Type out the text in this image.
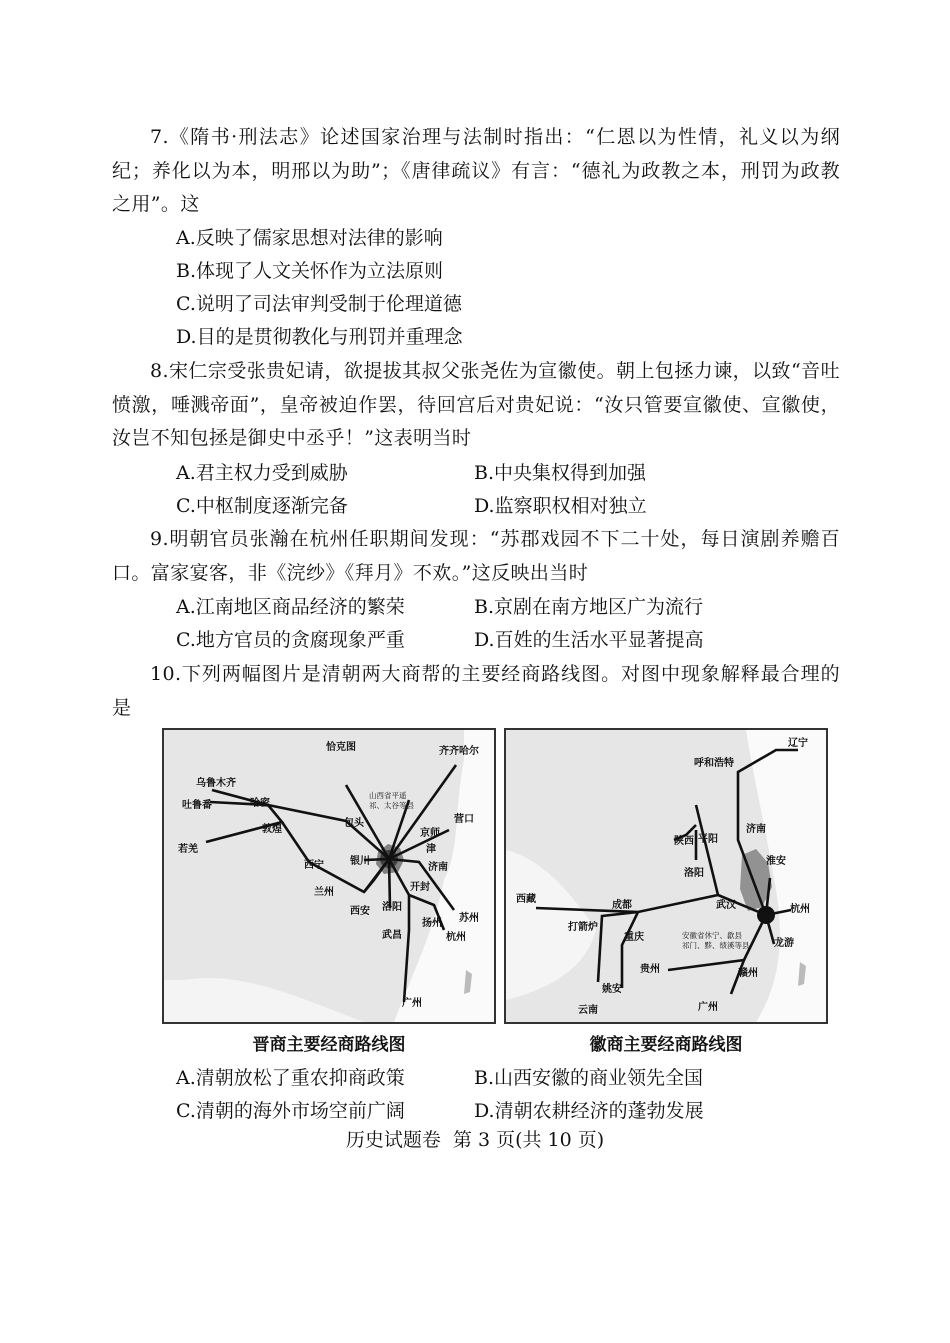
7.《隋书·刑法志》论述国家治理与法制时指出：“仁恩以为性情，礼义以为纲纪；养化以为本，明邢以为助”；《唐律疏议》有言：“德礼为政教之本，刑罚为政教之用”。这
A.反映了儒家思想对法律的影响
B.体现了人文关怀作为立法原则
C.说明了司法审判受制于伦理道德
D.目的是贯彻教化与刑罚并重理念
8.宋仁宗受张贵妃请，欲提拔其叔父张尧佐为宣徽使。朝上包拯力谏，以致“音吐愤激，唾溅帝面”，皇帝被迫作罢，待回宫后对贵妃说：“汝只管要宣徽使、宣徽使，汝岂不知包拯是御史中丞乎！”这表明当时
A.君主权力受到威胁	B.中央集权得到加强
C.中枢制度逐渐完备	D.监察职权相对独立
9.明朝官员张瀚在杭州任职期间发现：“苏郡戏园不下二十处，每日演剧养赡百口。富家宴客，非《浣纱》《拜月》不欢。”这反映出当时
A.江南地区商品经济的繁荣	B.京剧在南方地区广为流行
C.地方官员的贪腐现象严重	D.百姓的生活水平显著提高
10.下列两幅图片是清朝两大商帮的主要经商路线图。对图中现象解释最合理的是
恰克图	齐齐哈尔
乌鲁木齐
吐鲁番	哈密
敦煌
若羌
山西省平遥
祁、太谷等县
包头
银川
京师
津
营口
济南
西宁
兰州	开封
洛阳
西安
扬州 苏州
杭州
武昌
广州
晋商主要经商路线图
呼和浩特
辽宁
陕西 平阳
济南
淮安
洛阳
西藏
成都	武汉	杭州
打箭炉
重庆	安徽省休宁、歙县
祁门、黟、绩溪等县 龙游
贵州	赣州
姚安
云南	广州
徽商主要经商路线图
A.清朝放松了重农抑商政策	B.山西安徽的商业领先全国
C.清朝的海外市场空前广阔	D.清朝农耕经济的蓬勃发展
历史试题卷  第 3 页(共 10 页)
